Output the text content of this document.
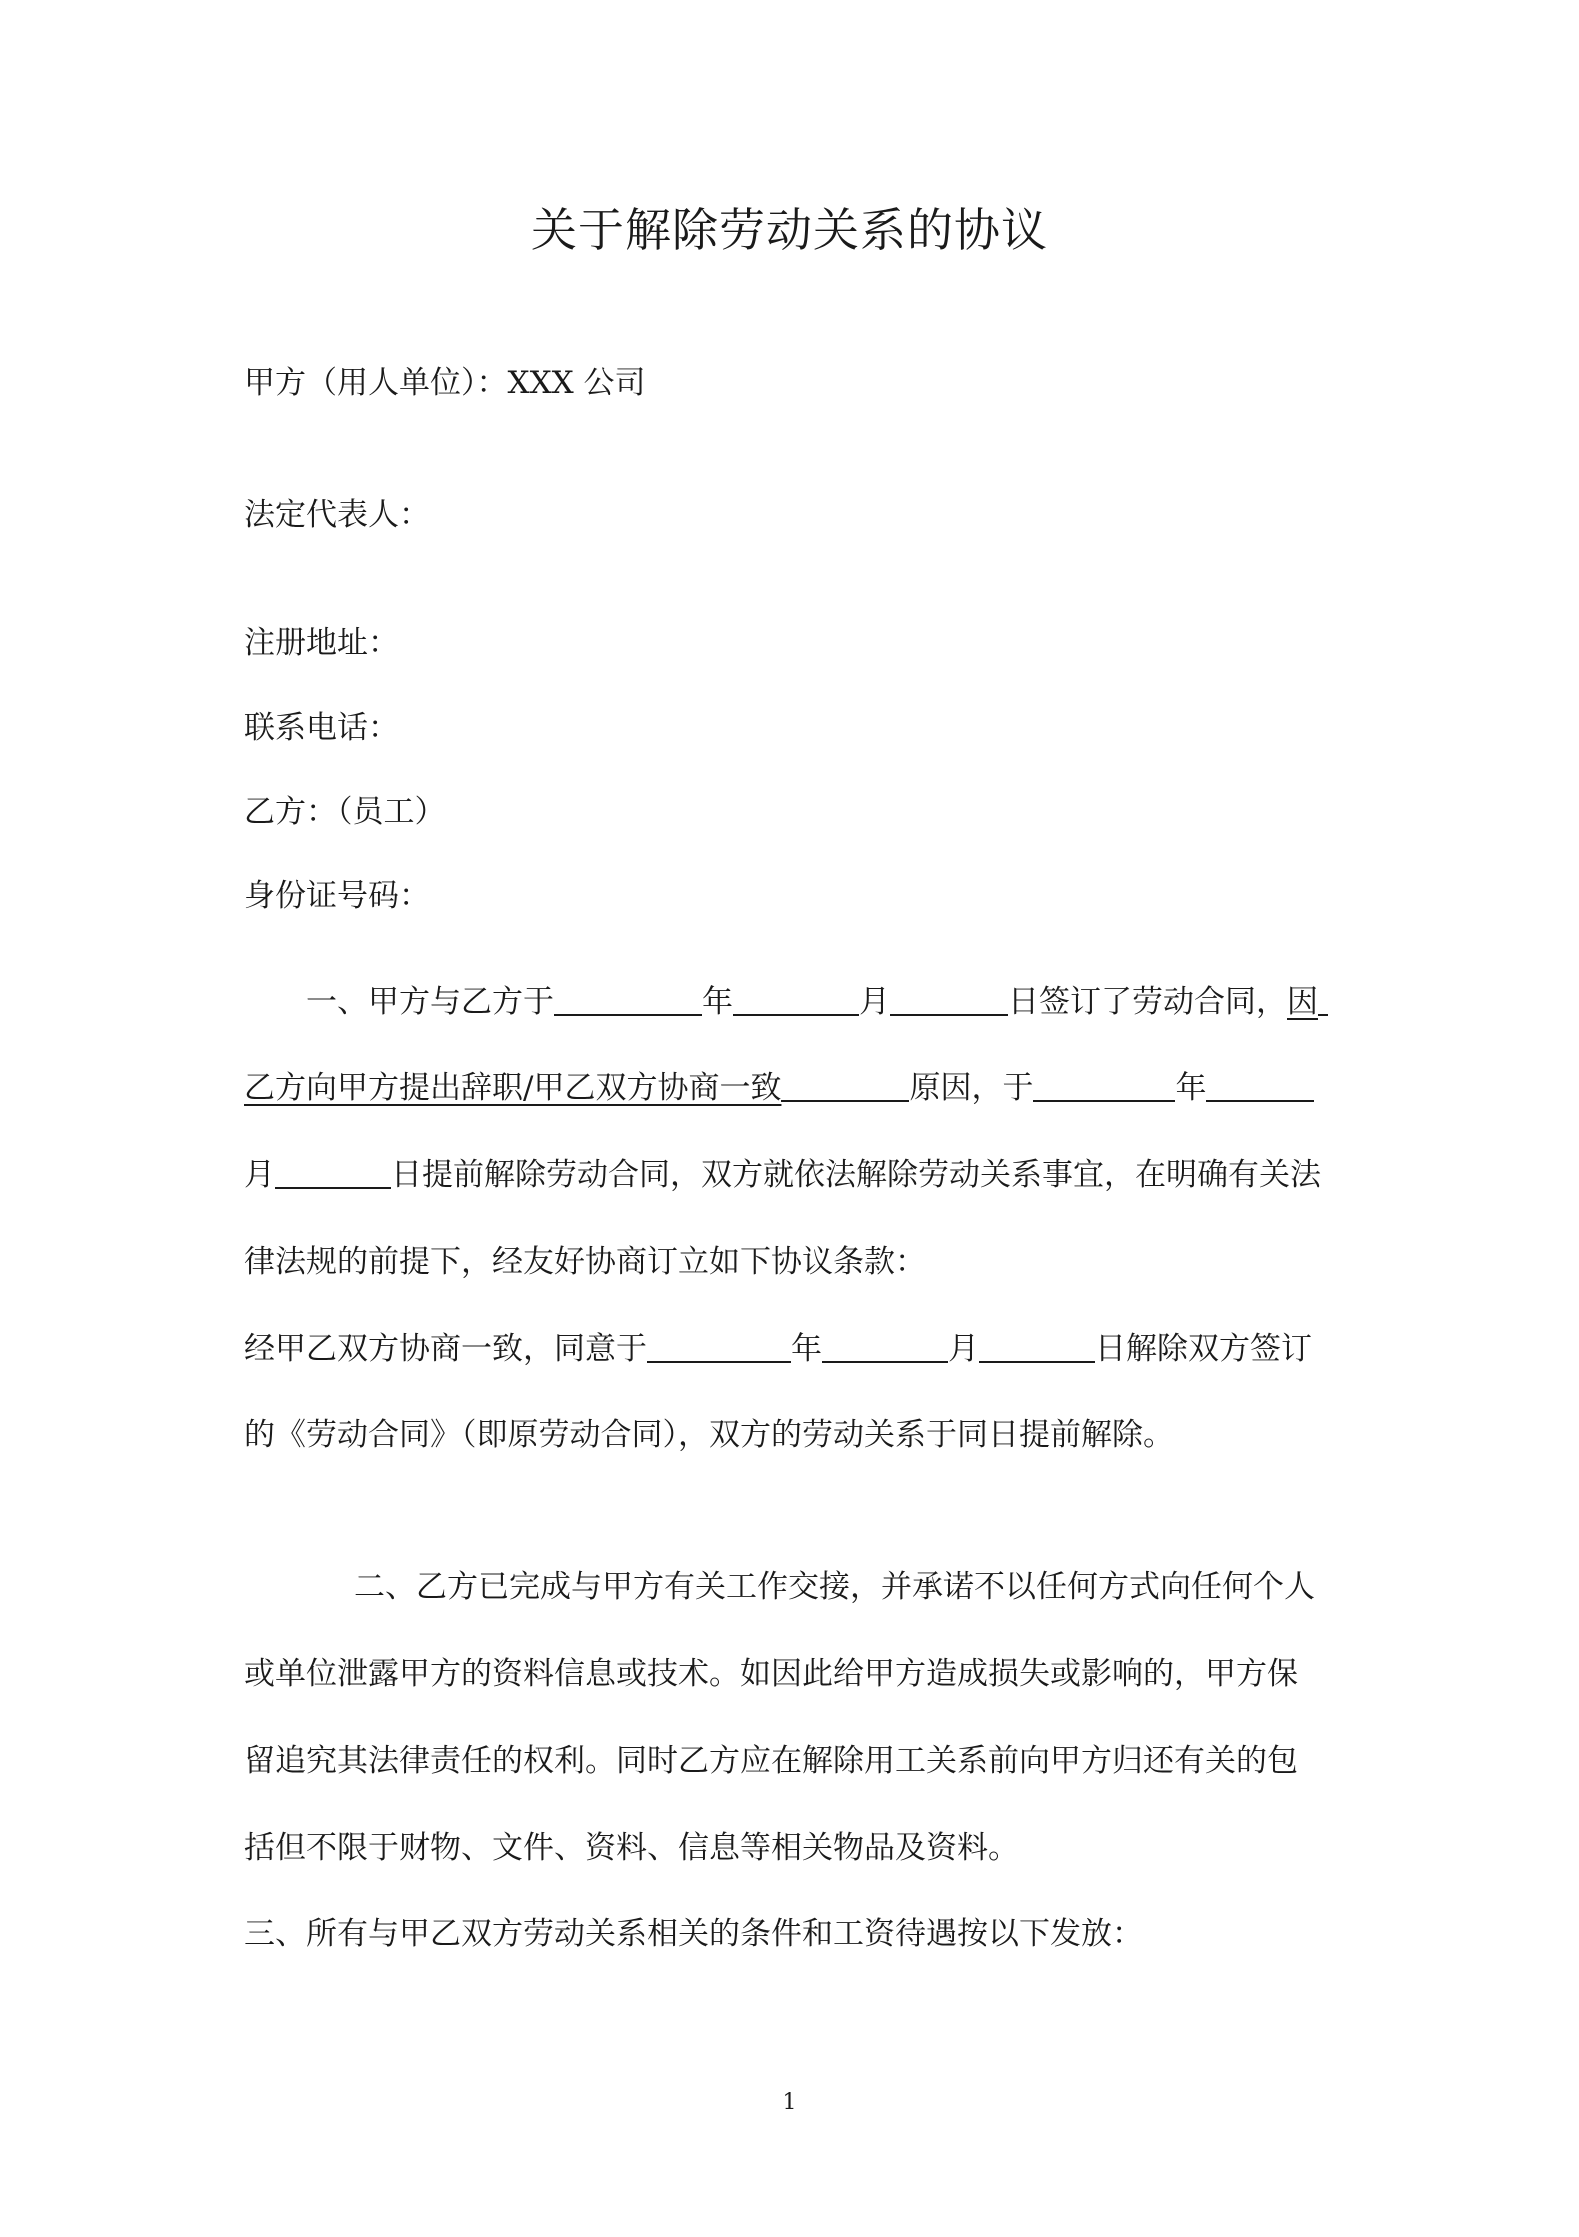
关于解除劳动关系的协议
甲方（用人单位）：XXX 公司
法定代表人：
注册地址：
联系电话：
乙方：（员工）
身份证号码：
一、甲方与乙方于	年	月	日签订了劳动合同，因
乙方向甲方提出辞职/甲乙双方协商一致	原因，于	年
月	日提前解除劳动合同，双方就依法解除劳动关系事宜，在明确有关法
律法规的前提下，经友好协商订立如下协议条款：
经甲乙双方协商一致，同意于	年	月	日解除双方签订
的《劳动合同》（即原劳动合同），双方的劳动关系于同日提前解除。
二、乙方已完成与甲方有关工作交接，并承诺不以任何方式向任何个人
或单位泄露甲方的资料信息或技术。如因此给甲方造成损失或影响的，甲方保
留追究其法律责任的权利。同时乙方应在解除用工关系前向甲方归还有关的包
括但不限于财物、文件、资料、信息等相关物品及资料。
三、所有与甲乙双方劳动关系相关的条件和工资待遇按以下发放：
1
